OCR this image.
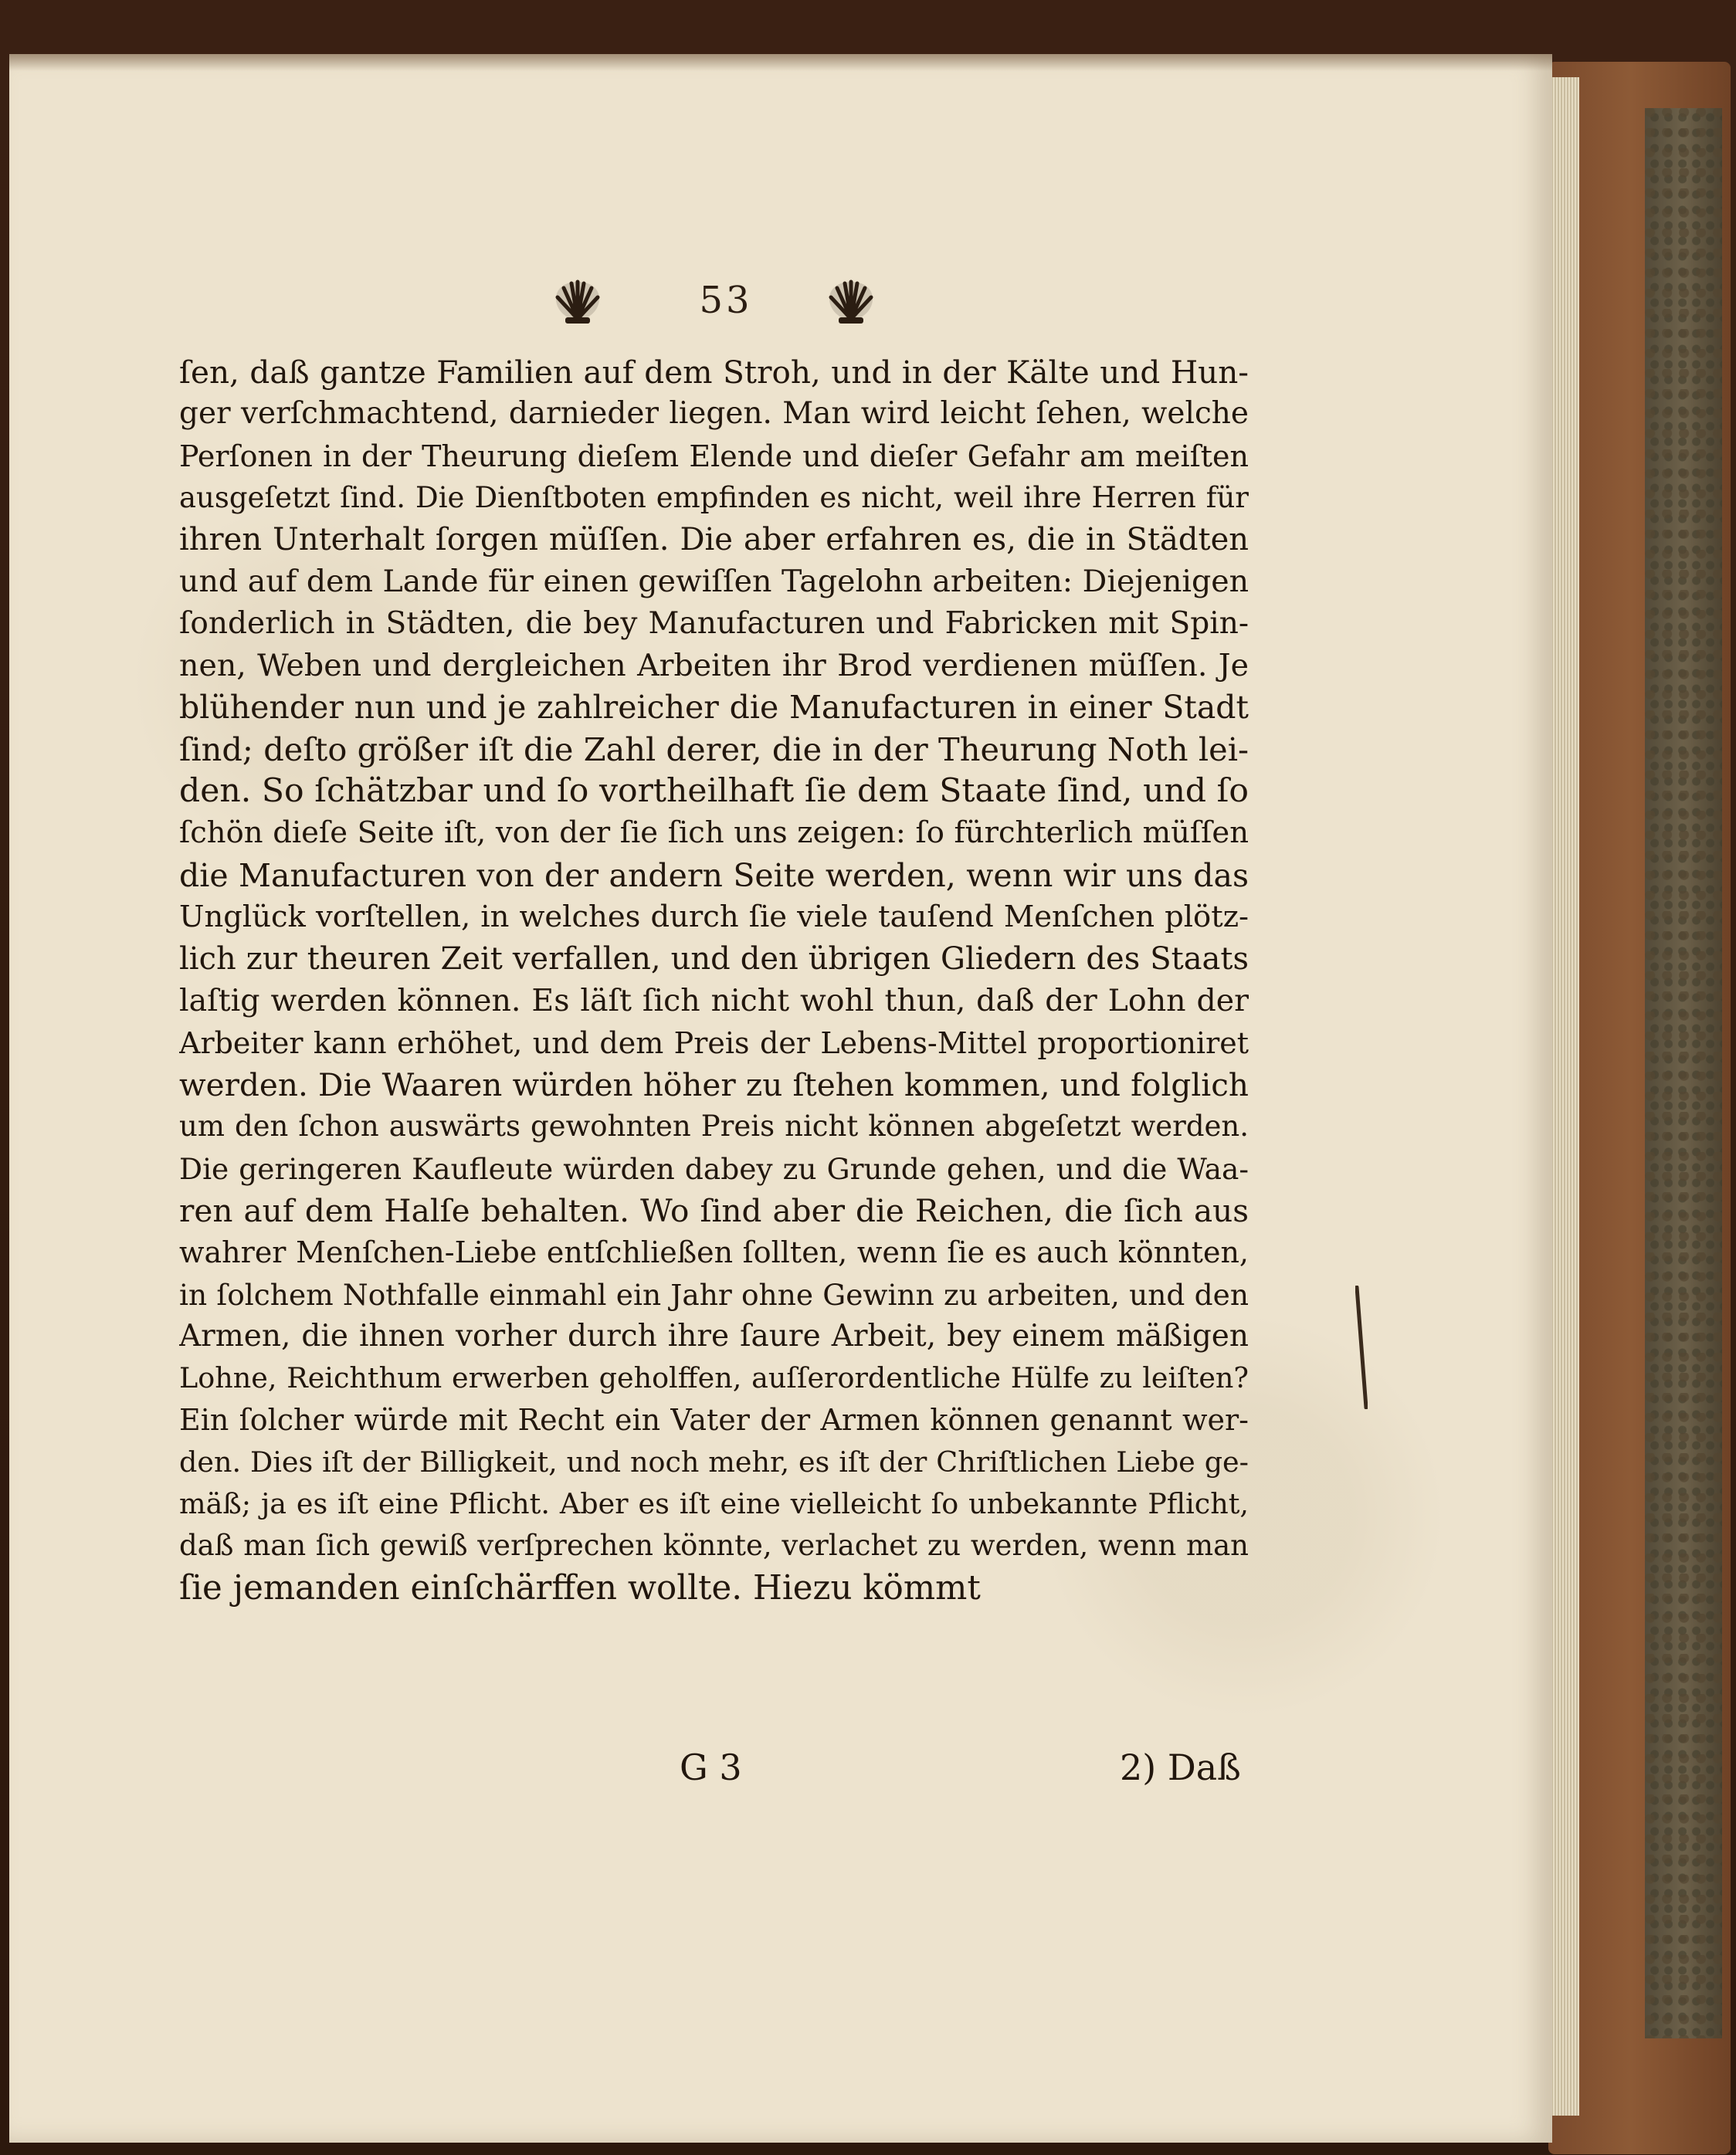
53
ſen, daß gantze Familien auf dem Stroh, und in der Kälte und Hun-
ger verſchmachtend, darnieder liegen. Man wird leicht ſehen, welche
Perſonen in der Theurung dieſem Elende und dieſer Gefahr am meiſten
ausgeſetzt ſind. Die Dienſtboten empfinden es nicht, weil ihre Herren für
ihren Unterhalt ſorgen müſſen. Die aber erfahren es, die in Städten
und auf dem Lande für einen gewiſſen Tagelohn arbeiten: Diejenigen
ſonderlich in Städten, die bey Manufacturen und Fabricken mit Spin-
nen, Weben und dergleichen Arbeiten ihr Brod verdienen müſſen. Je
blühender nun und je zahlreicher die Manufacturen in einer Stadt
ſind; deſto größer iſt die Zahl derer, die in der Theurung Noth lei-
den. So ſchätzbar und ſo vortheilhaft ſie dem Staate ſind, und ſo
ſchön dieſe Seite iſt, von der ſie ſich uns zeigen: ſo fürchterlich müſſen
die Manufacturen von der andern Seite werden, wenn wir uns das
Unglück vorſtellen, in welches durch ſie viele tauſend Menſchen plötz-
lich zur theuren Zeit verfallen, und den übrigen Gliedern des Staats
laſtig werden können. Es läſt ſich nicht wohl thun, daß der Lohn der
Arbeiter kann erhöhet, und dem Preis der Lebens-Mittel proportioniret
werden. Die Waaren würden höher zu ſtehen kommen, und folglich
um den ſchon auswärts gewohnten Preis nicht können abgeſetzt werden.
Die geringeren Kaufleute würden dabey zu Grunde gehen, und die Waa-
ren auf dem Halſe behalten. Wo ſind aber die Reichen, die ſich aus
wahrer Menſchen-Liebe entſchließen ſollten, wenn ſie es auch könnten,
in ſolchem Nothfalle einmahl ein Jahr ohne Gewinn zu arbeiten, und den
Armen, die ihnen vorher durch ihre ſaure Arbeit, bey einem mäßigen
Lohne, Reichthum erwerben geholffen, auſſerordentliche Hülfe zu leiſten?
Ein ſolcher würde mit Recht ein Vater der Armen können genannt wer-
den. Dies iſt der Billigkeit, und noch mehr, es iſt der Chriſtlichen Liebe ge-
mäß; ja es iſt eine Pflicht. Aber es iſt eine vielleicht ſo unbekannte Pflicht,
daß man ſich gewiß verſprechen könnte, verlachet zu werden, wenn man
ſie jemanden einſchärffen wollte. Hiezu kömmt
G 3	2) Daß
